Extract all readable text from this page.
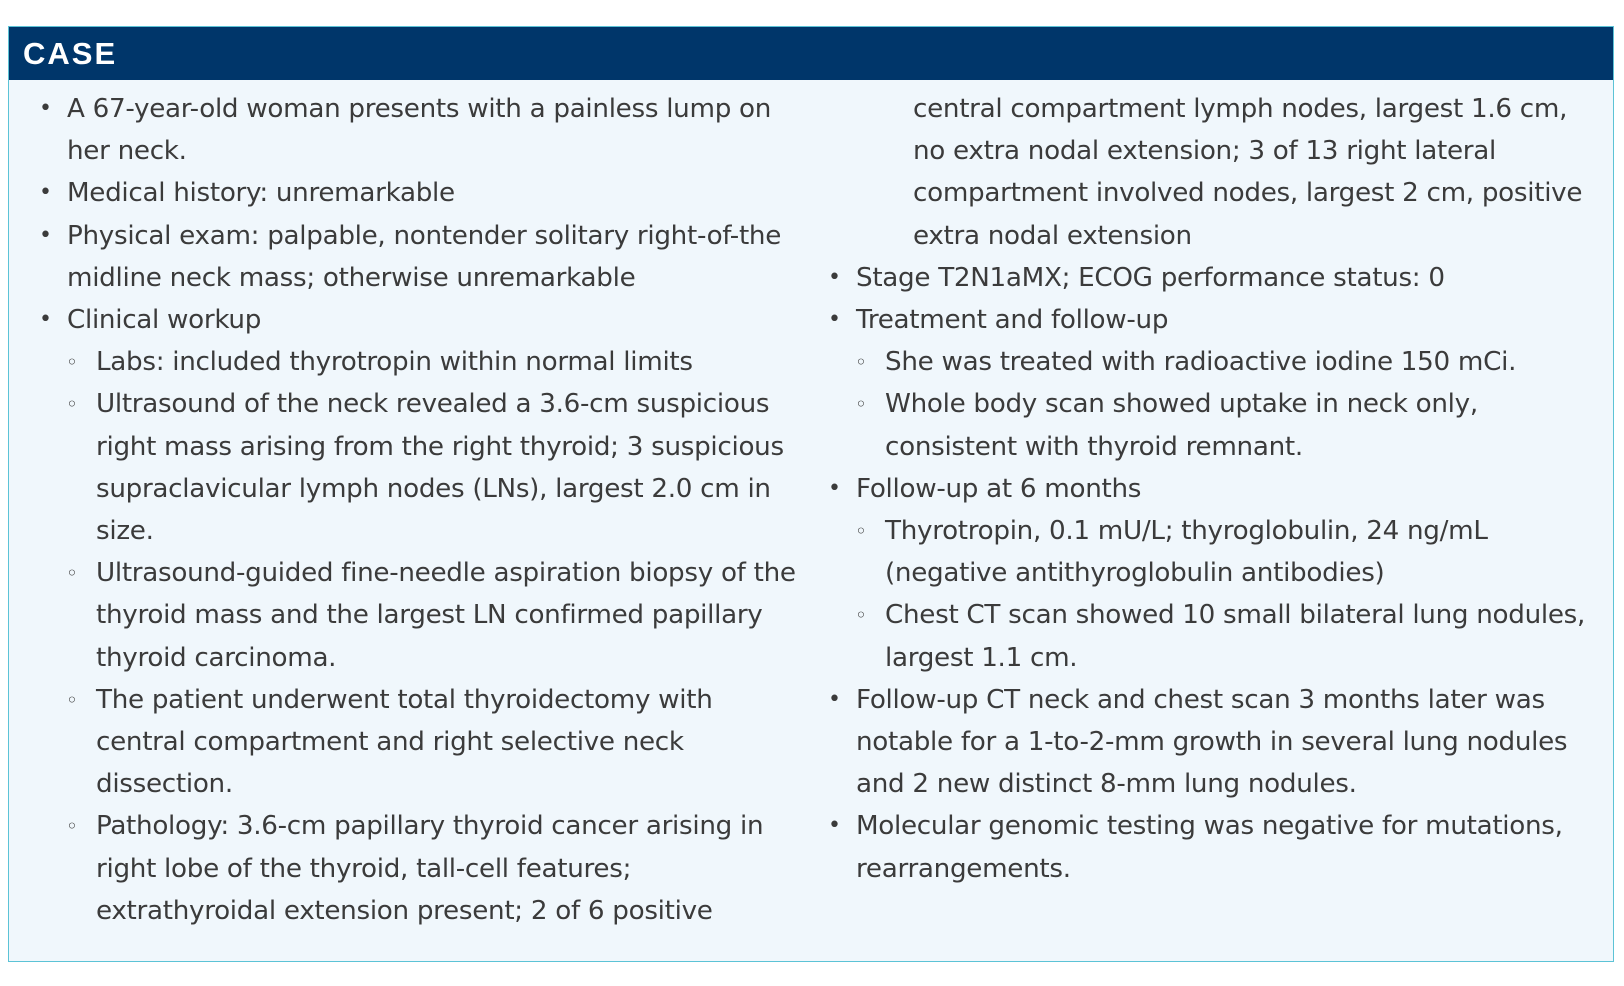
CASE
• A 67-year-old woman presents with a painless lump on her neck.
• Medical history: unremarkable
• Physical exam: palpable, nontender solitary right-of-the midline neck mass; otherwise unremarkable
• Clinical workup
◦ Labs: included thyrotropin within normal limits
◦ Ultrasound of the neck revealed a 3.6-cm suspicious right mass arising from the right thyroid; 3 suspicious supraclavicular lymph nodes (LNs), largest 2.0 cm in size.
◦ Ultrasound-guided fine-needle aspiration biopsy of the thyroid mass and the largest LN confirmed papillary thyroid carcinoma.
◦ The patient underwent total thyroidectomy with central compartment and right selective neck dissection.
◦ Pathology: 3.6-cm papillary thyroid cancer arising in right lobe of the thyroid, tall-cell features; extrathyroidal extension present; 2 of 6 positive
central compartment lymph nodes, largest 1.6 cm, no extra nodal extension; 3 of 13 right lateral compartment involved nodes, largest 2 cm, positive extra nodal extension
• Stage T2N1aMX; ECOG performance status: 0
• Treatment and follow-up
◦ She was treated with radioactive iodine 150 mCi.
◦ Whole body scan showed uptake in neck only, consistent with thyroid remnant.
• Follow-up at 6 months
◦ Thyrotropin, 0.1 mU/L; thyroglobulin, 24 ng/mL (negative antithyroglobulin antibodies)
◦ Chest CT scan showed 10 small bilateral lung nodules, largest 1.1 cm.
• Follow-up CT neck and chest scan 3 months later was notable for a 1-to-2-mm growth in several lung nodules and 2 new distinct 8-mm lung nodules.
• Molecular genomic testing was negative for mutations, rearrangements.
